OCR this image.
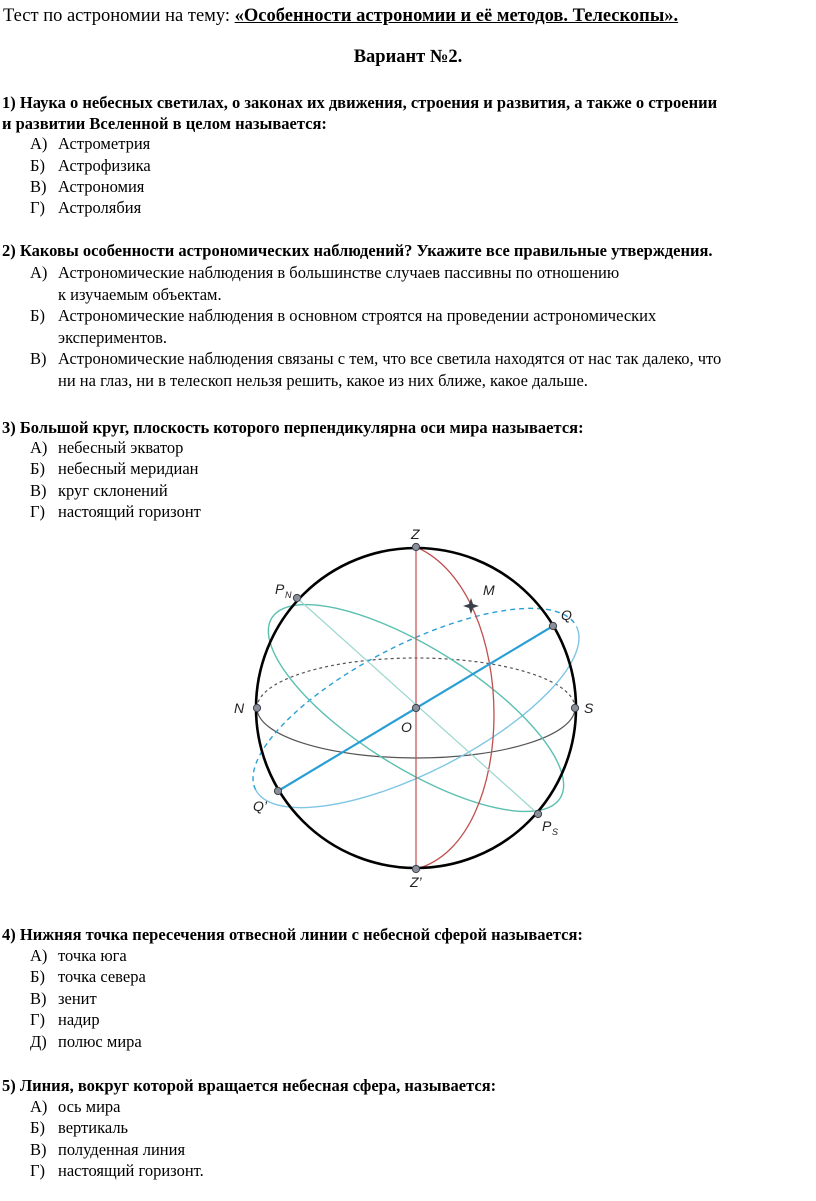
Тест по астрономии на тему: «Особенности астрономии и её методов. Телескопы».
Вариант №2.
1) Наука о небесных светилах, о законах их движения, строения и развития, а также о строении
и развитии Вселенной в целом называется:
А) Астрометрия
Б) Астрофизика
В) Астрономия
Г) Астролябия
2) Каковы особенности астрономических наблюдений? Укажите все правильные утверждения.
А) Астрономические наблюдения в большинстве случаев пассивны по отношению
к изучаемым объектам.
Б) Астрономические наблюдения в основном строятся на проведении астрономических
экспериментов.
В) Астрономические наблюдения связаны с тем, что все светила находятся от нас так далеко, что
ни на глаз, ни в телескоп нельзя решить, какое из них ближе, какое дальше.
3) Большой круг, плоскость которого перпендикулярна оси мира называется:
А) небесный экватор
Б) небесный меридиан
В) круг склонений
Г) настоящий горизонт
Z
Z’
P N
P S
M
Q
Q’
N	S
O
4) Нижняя точка пересечения отвесной линии с небесной сферой называется:
А) точка юга
Б) точка севера
В) зенит
Г) надир
Д) полюс мира
5) Линия, вокруг которой вращается небесная сфера, называется:
А) ось мира
Б) вертикаль
В) полуденная линия
Г) настоящий горизонт.
